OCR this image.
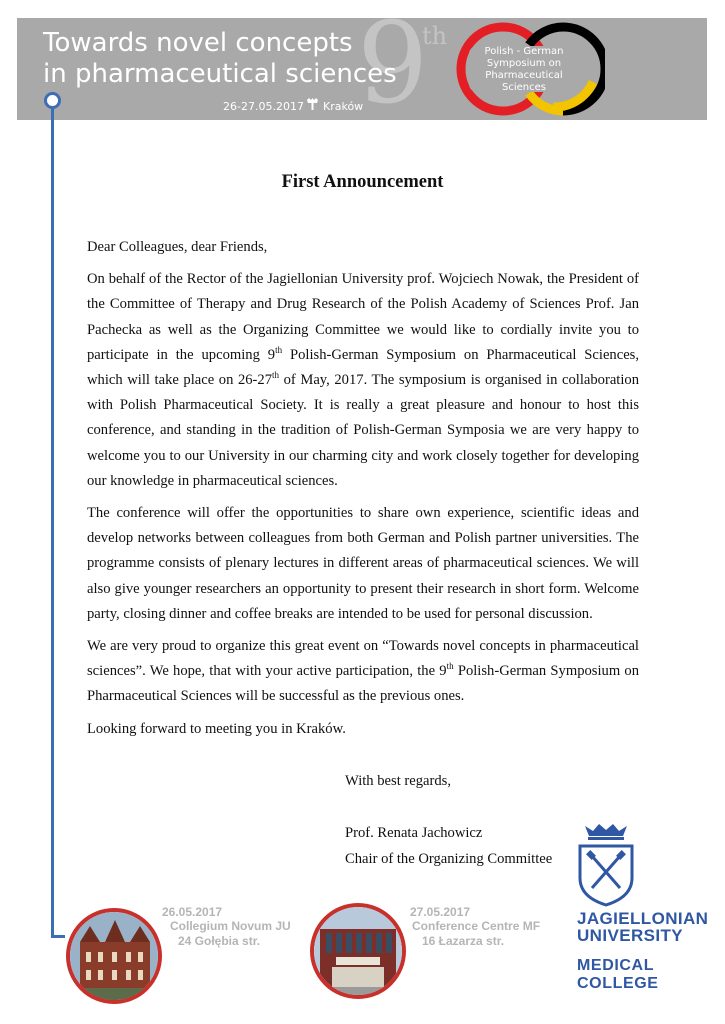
9
th
Towards novel concepts
in pharmaceutical sciences
26-27.05.2017 Kraków
Polish - German
Symposium on
Pharmaceutical Sciences
First Announcement

Dear Colleagues, dear Friends,

On behalf of the Rector of the Jagiellonian University prof. Wojciech Nowak, the President of the Committee of Therapy and Drug Research of the Polish Academy of Sciences Prof. Jan Pachecka as well as the Organizing Committee we would like to cordially invite you to participate in the upcoming 9th Polish-German Symposium on Pharmaceutical Sciences, which will take place on 26-27th of May, 2017. The symposium is organised in collaboration with Polish Pharmaceutical Society. It is really a great pleasure and honour to host this conference, and standing in the tradition of Polish-German Symposia we are very happy to welcome you to our University in our charming city and work closely together for developing our knowledge in pharmaceutical sciences.

The conference will offer the opportunities to share own experience, scientific ideas and develop networks between colleagues from both German and Polish partner universities. The programme consists of plenary lectures in different areas of pharmaceutical sciences. We will also give younger researchers an opportunity to present their research in short form. Welcome party, closing dinner and coffee breaks are intended to be used for personal discussion.

We are very proud to organize this great event on “Towards novel concepts in pharmaceutical sciences”. We hope, that with your active participation, the 9th Polish-German Symposium on Pharmaceutical Sciences will be successful as the previous ones.

Looking forward to meeting you in Kraków.

With best regards,
Prof. Renata Jachowicz
Chair of the Organizing Committee
JAGIELLONIAN
UNIVERSITY
MEDICAL
COLLEGE
26.05.2017
Collegium Novum JU
24 Gołębia str.
27.05.2017
Conference Centre MF
16 Łazarza str.
